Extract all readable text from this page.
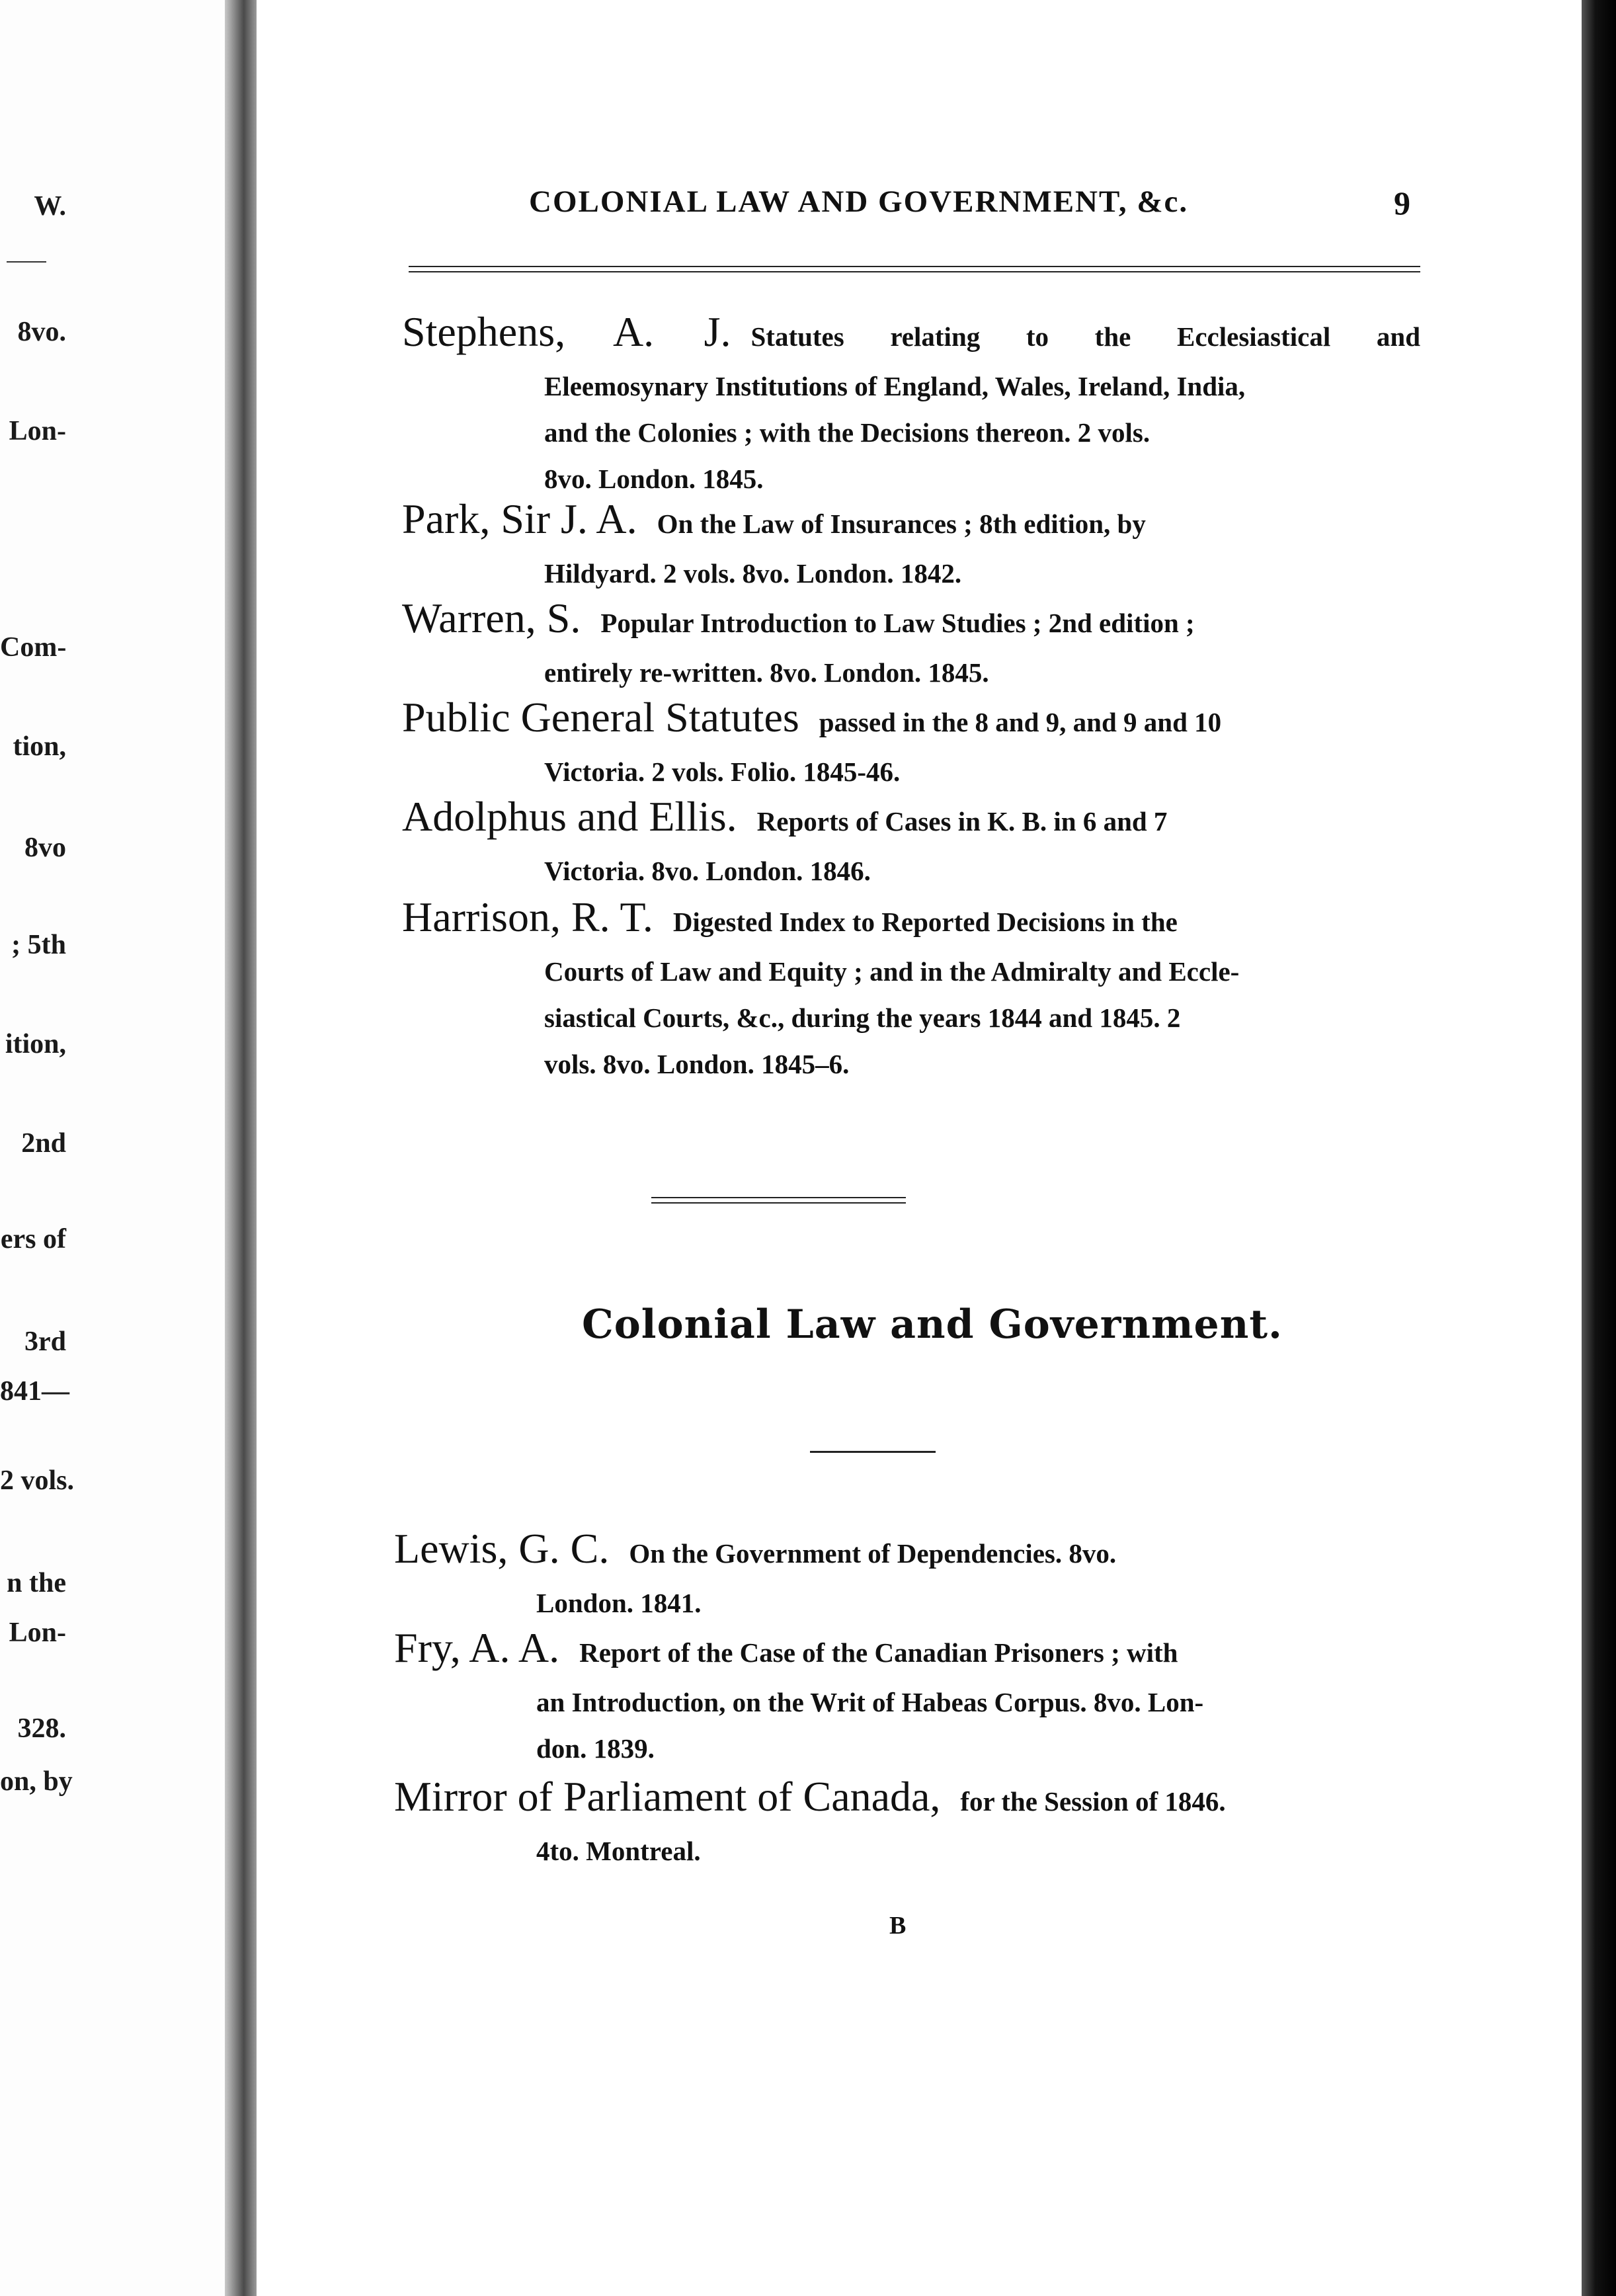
W.
8vo.
Lon-
Com-
tion,
8vo
; 5th
ition,
2nd
ers of
3rd
841—
2 vols.
n the
Lon-
328.
on, by
COLONIAL LAW AND GOVERNMENT, &c.	9
Stephens, A. J. Statutes relating to the Ecclesiastical and
Eleemosynary Institutions of England, Wales, Ireland, India,
and the Colonies ; with the Decisions thereon. 2 vols.
8vo. London. 1845.
Park, Sir J. A. On the Law of Insurances ; 8th edition, by
Hildyard. 2 vols. 8vo. London. 1842.
Warren, S. Popular Introduction to Law Studies ; 2nd edition ;
entirely re-written. 8vo. London. 1845.
Public General Statutes passed in the 8 and 9, and 9 and 10
Victoria. 2 vols. Folio. 1845-46.
Adolphus and Ellis. Reports of Cases in K. B. in 6 and 7
Victoria. 8vo. London. 1846.
Harrison, R. T. Digested Index to Reported Decisions in the
Courts of Law and Equity ; and in the Admiralty and Eccle-
siastical Courts, &c., during the years 1844 and 1845. 2
vols. 8vo. London. 1845–6.
Colonial Law and Government.
Lewis, G. C. On the Government of Dependencies. 8vo.
London. 1841.
Fry, A. A. Report of the Case of the Canadian Prisoners ; with
an Introduction, on the Writ of Habeas Corpus. 8vo. Lon-
don. 1839.
Mirror of Parliament of Canada, for the Session of 1846.
4to. Montreal.
B
